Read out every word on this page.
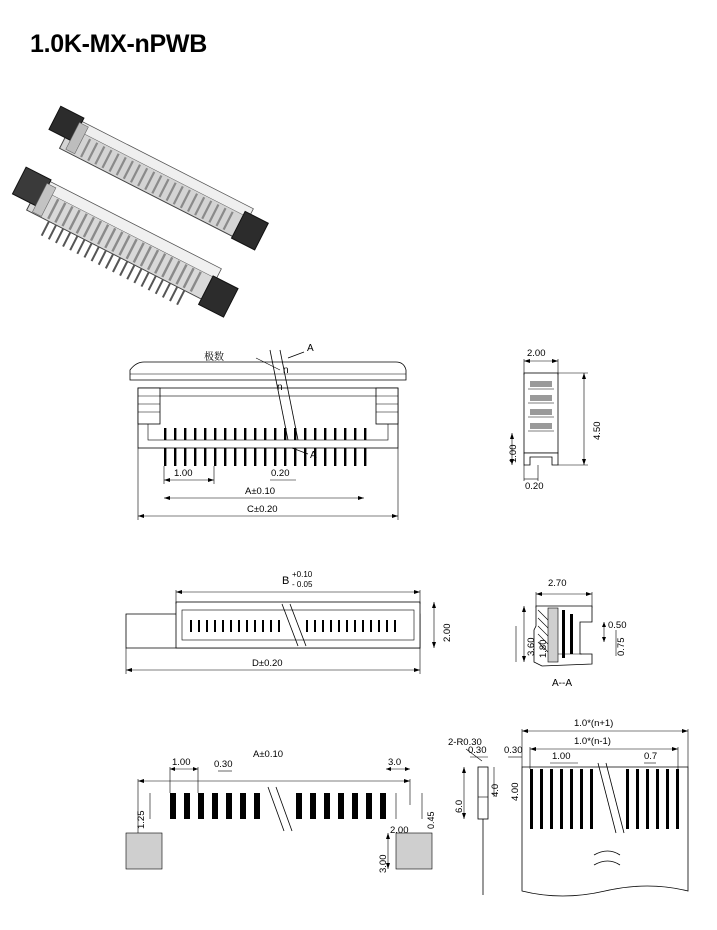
1.0K-MX-nPWB
极数
n
n
A
A
1.00	0.20
A±0.10
C±0.20
2.00
4.50
1.00
0.20
B
+0.10
- 0.05
2.00
D±0.20
2.70
3.60 1.80
0.50
0.75
A--A
A±0.10
1.00 0.30
1.25
3.0
2.00
0.45
3.00
6.0
4.0 4.00
2-R0.30
0.30 0.30
1.00	0.7
1.0*(n-1)
1.0*(n+1)
